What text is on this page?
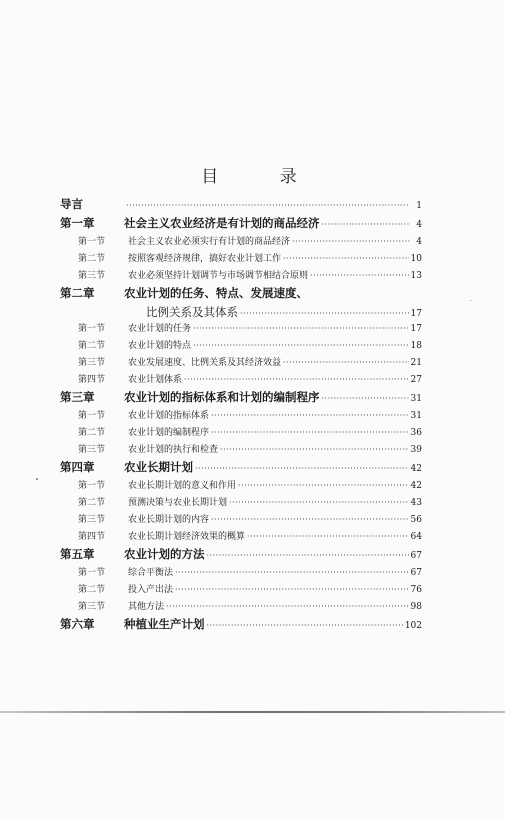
目 录
导言 ·····	1
第一章	社会主义农业经济是有计划的商品经济 ·····	4
第一节	社会主义农业必须实行有计划的商品经济 ·····	4
第二节	按照客观经济规律，搞好农业计划工作 ·····	10
第三节	农业必须坚持计划调节与市场调节相结合原则 ·····	13
第二章	农业计划的任务、特点、发展速度、
比例关系及其体系 ·····	17
第一节	农业计划的任务 ·····	17
第二节	农业计划的特点 ·····	18
第三节	农业发展速度、比例关系及其经济效益 ·····	21
第四节	农业计划体系 ·····	27
第三章	农业计划的指标体系和计划的编制程序 ·····	31
第一节	农业计划的指标体系 ·····	31
第二节	农业计划的编制程序 ·····	36
第三节	农业计划的执行和检查 ·····	39
第四章	农业长期计划 ·····	42
第一节	农业长期计划的意义和作用 ·····	42
第二节	预测决策与农业长期计划 ·····	43
第三节	农业长期计划的内容 ·····	56
第四节	农业长期计划经济效果的概算 ·····	64
第五章	农业计划的方法 ·····	67
第一节	综合平衡法 ·····	67
第二节	投入产出法 ·····	76
第三节	其他方法 ·····	98
第六章	种植业生产计划 ·····	102
